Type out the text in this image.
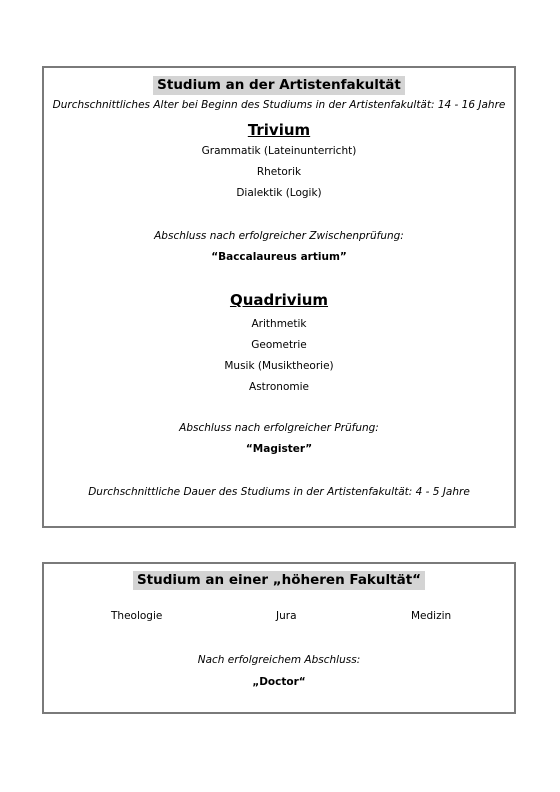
Studium an der Artistenfakultät
Durchschnittliches Alter bei Beginn des Studiums in der Artistenfakultät: 14 - 16 Jahre
Trivium
Grammatik (Lateinunterricht)
Rhetorik
Dialektik (Logik)
Abschluss nach erfolgreicher Zwischenprüfung:
“Baccalaureus artium”
Quadrivium
Arithmetik
Geometrie
Musik (Musiktheorie)
Astronomie
Abschluss nach erfolgreicher Prüfung:
“Magister”
Durchschnittliche Dauer des Studiums in der Artistenfakultät: 4 - 5 Jahre
Studium an einer „höheren Fakultät“
Theologie	Jura	Medizin
Nach erfolgreichem Abschluss:
„Doctor“
